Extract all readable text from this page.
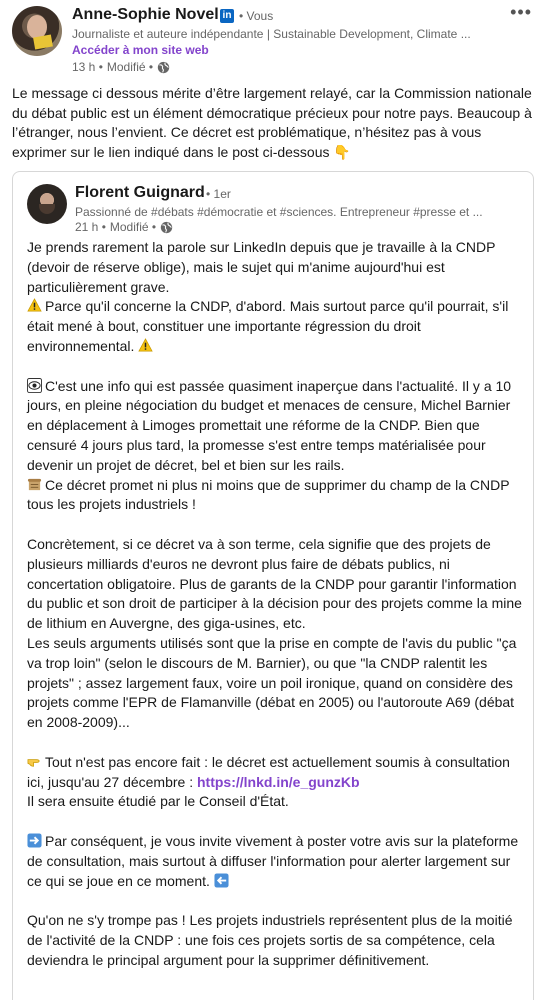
Anne-Sophie Novel in • Vous
Journaliste et auteure indépendante | Sustainable Development, Climate ...
Accéder à mon site web
13 h • Modifié •
•••
Le message ci dessous mérite d’être largement relayé, car la Commission nationale du débat public est un élément démocratique précieux pour notre pays. Beaucoup à l’étranger, nous l’envient. Ce décret est problématique, n’hésitez pas à vous exprimer sur le lien indiqué dans le post ci-dessous 👇
Florent Guignard • 1er
Passionné de #débats #démocratie et #sciences. Entrepreneur #presse et ...
21 h • Modifié •

Je prends rarement la parole sur LinkedIn depuis que je travaille à la CNDP (devoir de réserve oblige), mais le sujet qui m'anime aujourd'hui est particulièrement grave.

Parce qu'il concerne la CNDP, d'abord. Mais surtout parce qu'il pourrait, s'il était mené à bout, constituer une importante régression du droit environnemental.

C'est une info qui est passée quasiment inaperçue dans l'actualité. Il y a 10 jours, en pleine négociation du budget et menaces de censure, Michel Barnier en déplacement à Limoges promettait une réforme de la CNDP. Bien que censuré 4 jours plus tard, la promesse s'est entre temps matérialisée pour devenir un projet de décret, bel et bien sur les rails.

Ce décret promet ni plus ni moins que de supprimer du champ de la CNDP tous les projets industriels !

Concrètement, si ce décret va à son terme, cela signifie que des projets de plusieurs milliards d'euros ne devront plus faire de débats publics, ni concertation obligatoire. Plus de garants de la CNDP pour garantir l'information du public et son droit de participer à la décision pour des projets comme la mine de lithium en Auvergne, des giga-usines, etc.

Les seuls arguments utilisés sont que la prise en compte de l'avis du public "ça va trop loin" (selon le discours de M. Barnier), ou que "la CNDP ralentit les projets" ; assez largement faux, voire un poil ironique, quand on considère des projets comme l'EPR de Flamanville (débat en 2005) ou l'autoroute A69 (débat en 2008-2009)...

Tout n'est pas encore fait : le décret est actuellement soumis à consultation ici, jusqu'au 27 décembre : https://lnkd.in/e_gunzKb

Il sera ensuite étudié par le Conseil d'État.

Par conséquent, je vous invite vivement à poster votre avis sur la plateforme de consultation, mais surtout à diffuser l'information pour alerter largement sur ce qui se joue en ce moment.

Qu'on ne s'y trompe pas ! Les projets industriels représentent plus de la moitié de l'activité de la CNDP : une fois ces projets sortis de sa compétence, cela deviendra le principal argument pour la supprimer définitivement.
